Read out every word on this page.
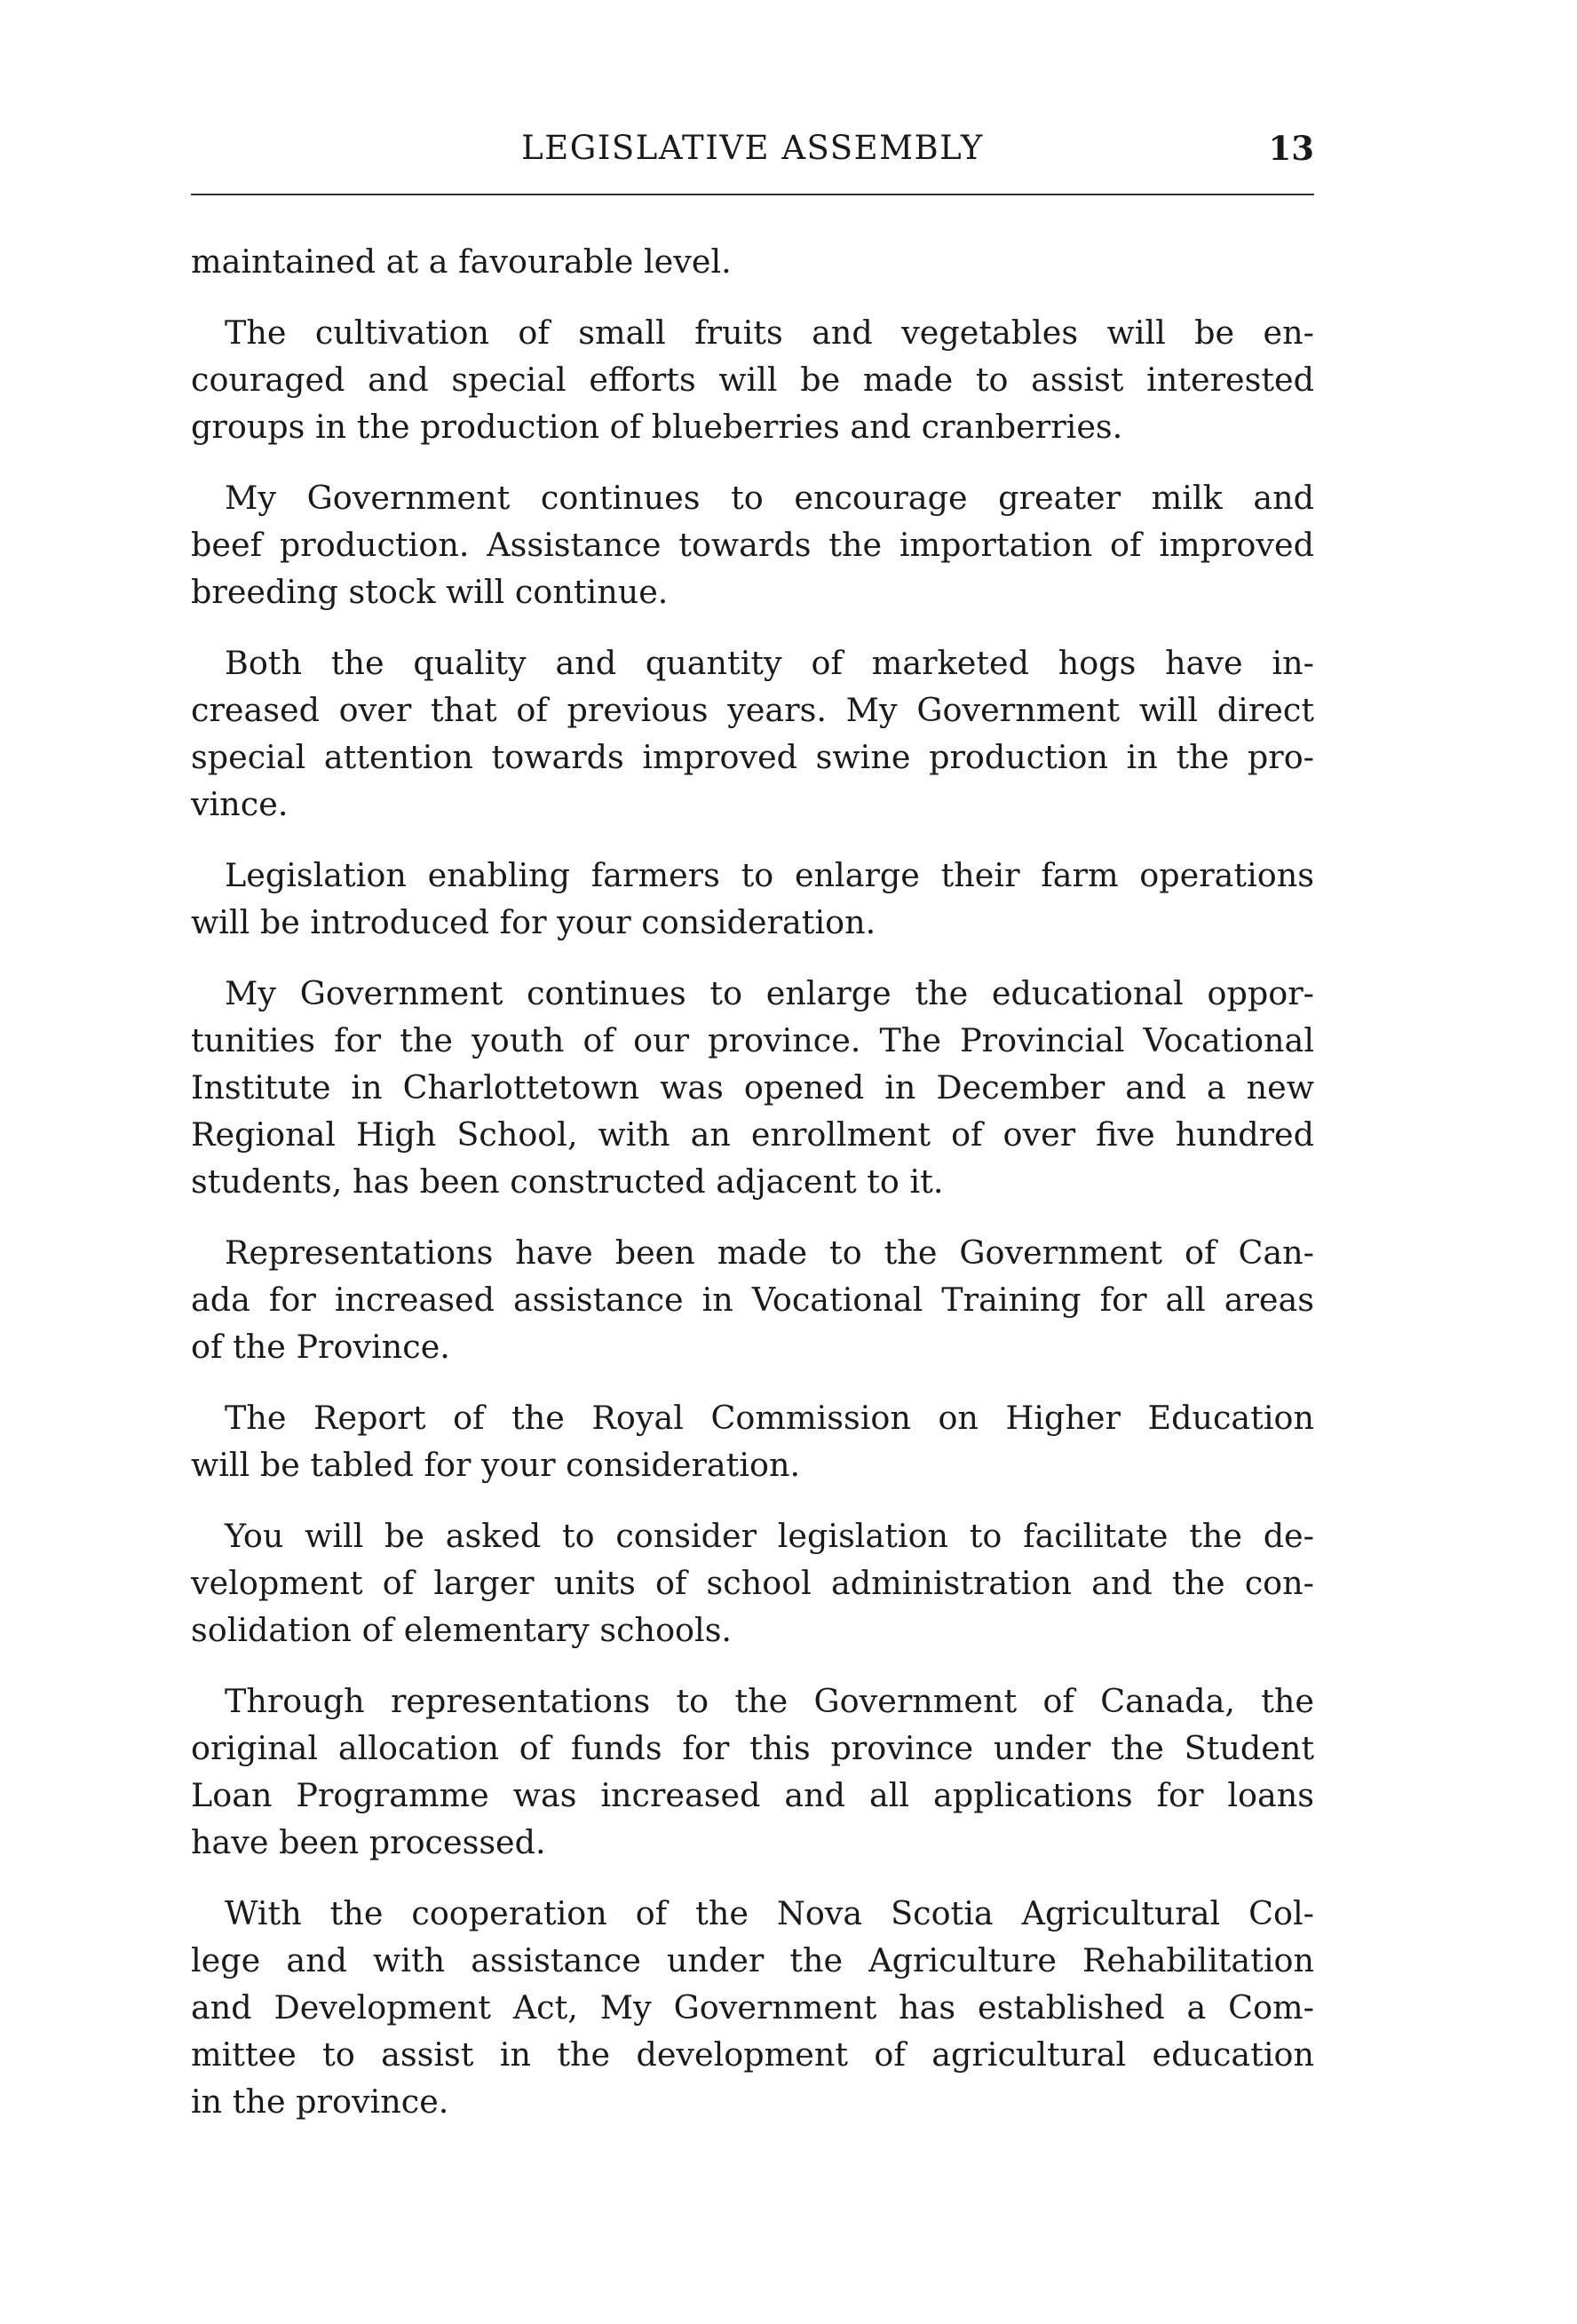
LEGISLATIVE ASSEMBLY	13

maintained at a favourable level.

The cultivation of small fruits and vegetables will be en-
couraged and special efforts will be made to assist interested
groups in the production of blueberries and cranberries.

My Government continues to encourage greater milk and
beef production. Assistance towards the importation of improved
breeding stock will continue.

Both the quality and quantity of marketed hogs have in-
creased over that of previous years. My Government will direct
special attention towards improved swine production in the pro-
vince.

Legislation enabling farmers to enlarge their farm operations
will be introduced for your consideration.

My Government continues to enlarge the educational oppor-
tunities for the youth of our province. The Provincial Vocational
Institute in Charlottetown was opened in December and a new
Regional High School, with an enrollment of over five hundred
students, has been constructed adjacent to it.

Representations have been made to the Government of Can-
ada for increased assistance in Vocational Training for all areas
of the Province.

The Report of the Royal Commission on Higher Education
will be tabled for your consideration.

You will be asked to consider legislation to facilitate the de-
velopment of larger units of school administration and the con-
solidation of elementary schools.

Through representations to the Government of Canada, the
original allocation of funds for this province under the Student
Loan Programme was increased and all applications for loans
have been processed.

With the cooperation of the Nova Scotia Agricultural Col-
lege and with assistance under the Agriculture Rehabilitation
and Development Act, My Government has established a Com-
mittee to assist in the development of agricultural education
in the province.
